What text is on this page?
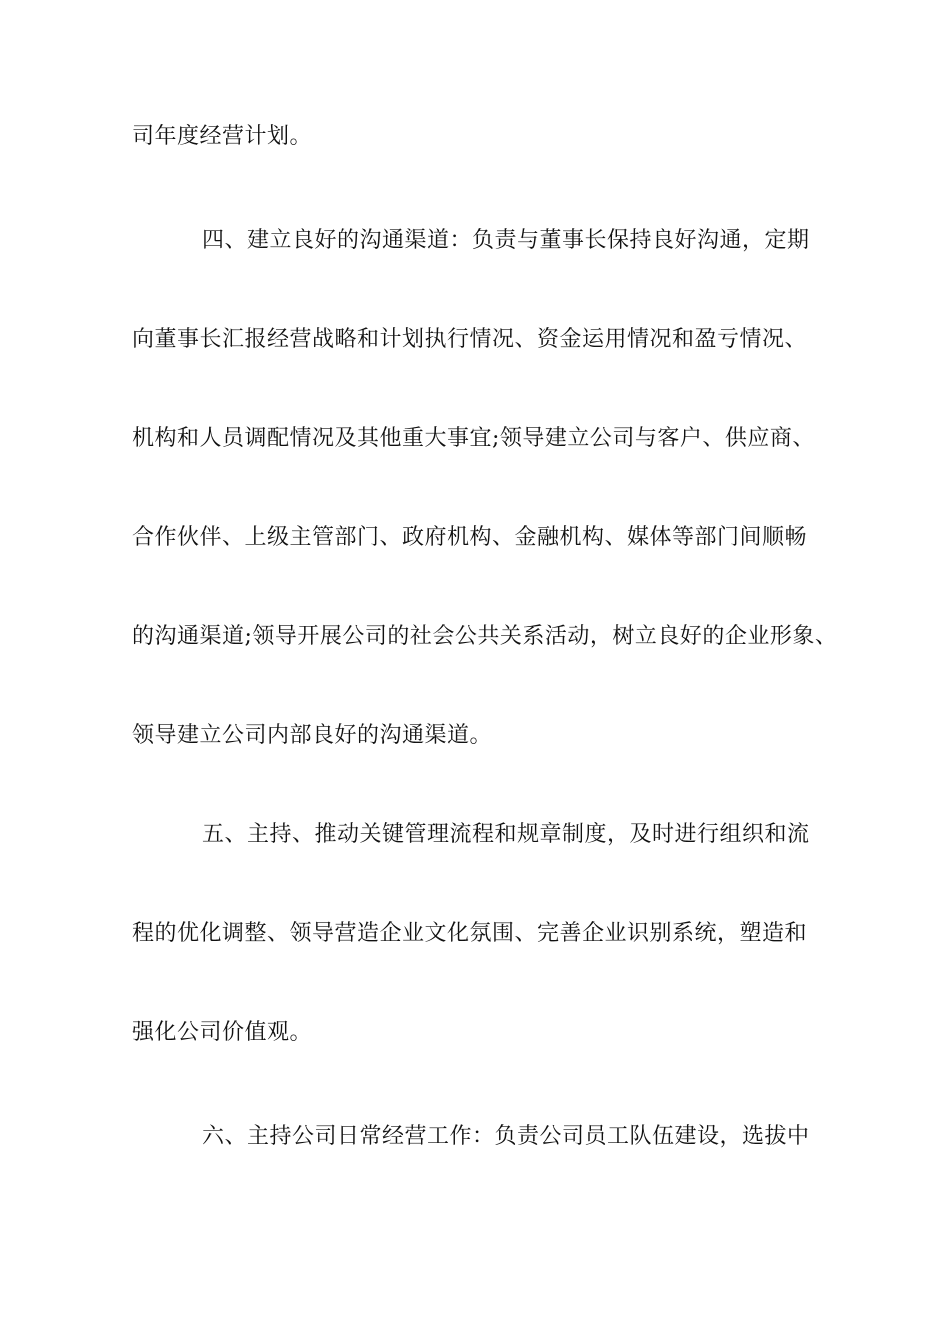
司年度经营计划。
四、建立良好的沟通渠道：负责与董事长保持良好沟通，定期
向董事长汇报经营战略和计划执行情况、资金运用情况和盈亏情况、
机构和人员调配情况及其他重大事宜;领导建立公司与客户、供应商、
合作伙伴、上级主管部门、政府机构、金融机构、媒体等部门间顺畅
的沟通渠道;领导开展公司的社会公共关系活动，树立良好的企业形象、
领导建立公司内部良好的沟通渠道。
五、主持、推动关键管理流程和规章制度，及时进行组织和流
程的优化调整、领导营造企业文化氛围、完善企业识别系统，塑造和
强化公司价值观。
六、主持公司日常经营工作：负责公司员工队伍建设，选拔中
